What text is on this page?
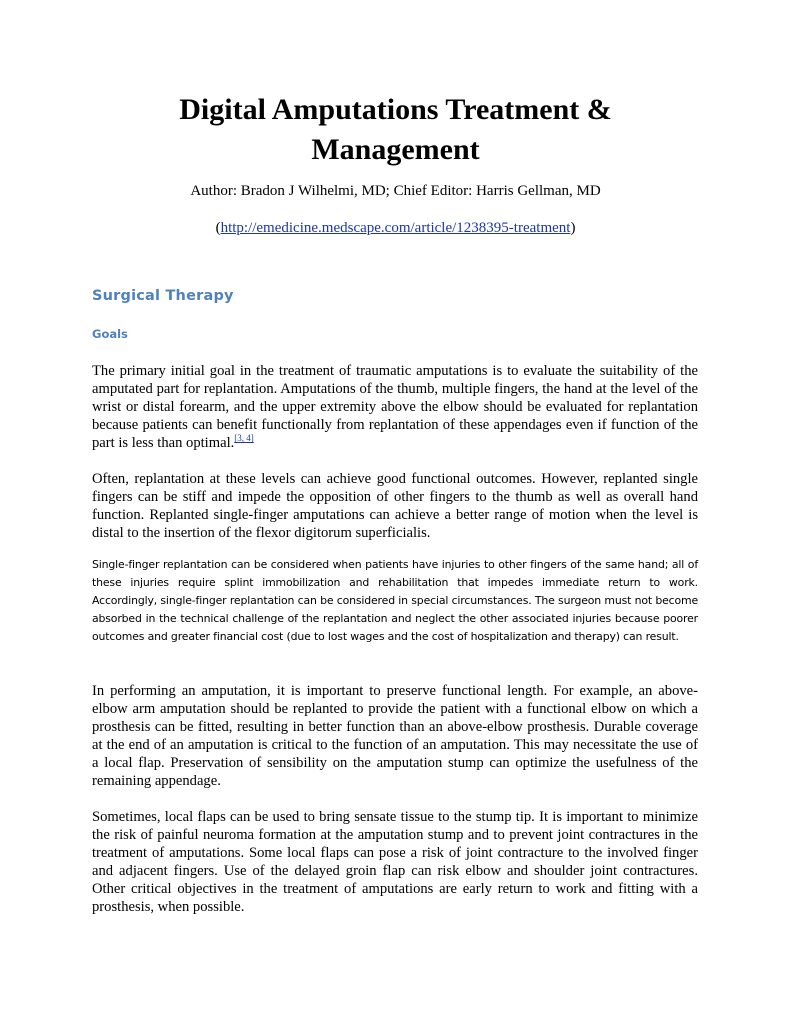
Digital Amputations Treatment & Management
Author: Bradon J Wilhelmi, MD; Chief Editor: Harris Gellman, MD
(http://emedicine.medscape.com/article/1238395-treatment)
Surgical Therapy
Goals

The primary initial goal in the treatment of traumatic amputations is to evaluate the suitability of the amputated part for replantation. Amputations of the thumb, multiple fingers, the hand at the level of the wrist or distal forearm, and the upper extremity above the elbow should be evaluated for replantation because patients can benefit functionally from replantation of these appendages even if function of the part is less than optimal.[3, 4]

Often, replantation at these levels can achieve good functional outcomes. However, replanted single fingers can be stiff and impede the opposition of other fingers to the thumb as well as overall hand function. Replanted single-finger amputations can achieve a better range of motion when the level is distal to the insertion of the flexor digitorum superficialis.

Single-finger replantation can be considered when patients have injuries to other fingers of the same hand; all of these injuries require splint immobilization and rehabilitation that impedes immediate return to work. Accordingly, single-finger replantation can be considered in special circumstances. The surgeon must not become absorbed in the technical challenge of the replantation and neglect the other associated injuries because poorer outcomes and greater financial cost (due to lost wages and the cost of hospitalization and therapy) can result.

In performing an amputation, it is important to preserve functional length. For example, an above-elbow arm amputation should be replanted to provide the patient with a functional elbow on which a prosthesis can be fitted, resulting in better function than an above-elbow prosthesis. Durable coverage at the end of an amputation is critical to the function of an amputation. This may necessitate the use of a local flap. Preservation of sensibility on the amputation stump can optimize the usefulness of the remaining appendage.

Sometimes, local flaps can be used to bring sensate tissue to the stump tip. It is important to minimize the risk of painful neuroma formation at the amputation stump and to prevent joint contractures in the treatment of amputations. Some local flaps can pose a risk of joint contracture to the involved finger and adjacent fingers. Use of the delayed groin flap can risk elbow and shoulder joint contractures. Other critical objectives in the treatment of amputations are early return to work and fitting with a prosthesis, when possible.
